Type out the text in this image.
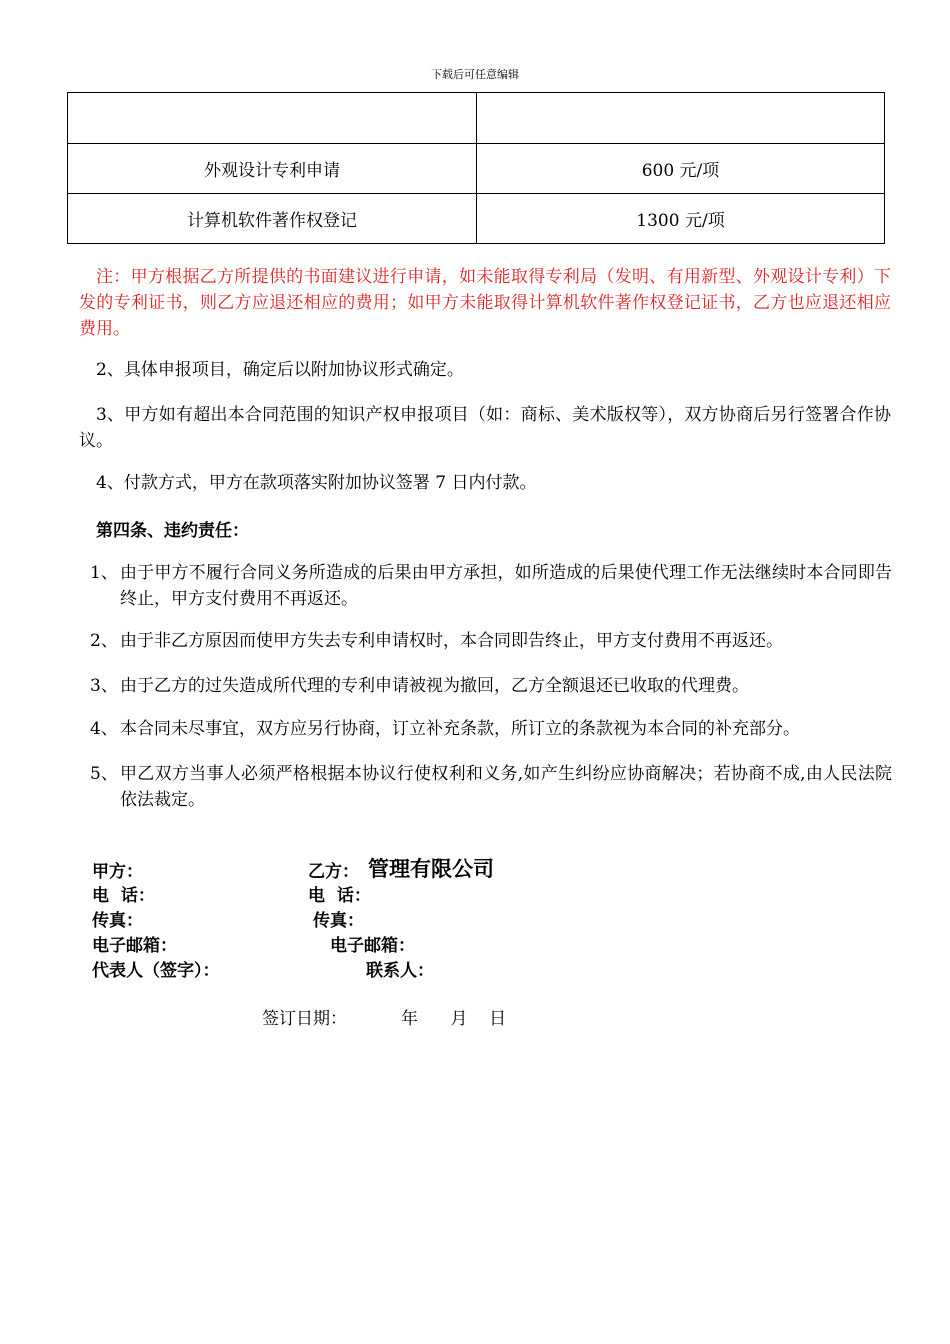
下载后可任意编辑

外观设计专利申请	600 元/项
计算机软件著作权登记	1300 元/项
注：甲方根据乙方所提供的书面建议进行申请，如未能取得专利局（发明、有用新型、外观设计专利）下发的专利证书，则乙方应退还相应的费用；如甲方未能取得计算机软件著作权登记证书，乙方也应退还相应费用。
2、具体申报项目，确定后以附加协议形式确定。
3、甲方如有超出本合同范围的知识产权申报项目（如：商标、美术版权等），双方协商后另行签署合作协议。
4、付款方式，甲方在款项落实附加协议签署 7 日内付款。
第四条、违约责任：
1、 由于甲方不履行合同义务所造成的后果由甲方承担，如所造成的后果使代理工作无法继续时本合同即告终止，甲方支付费用不再返还。
2、 由于非乙方原因而使甲方失去专利申请权时，本合同即告终止，甲方支付费用不再返还。
3、 由于乙方的过失造成所代理的专利申请被视为撤回，乙方全额退还已收取的代理费。
4、 本合同未尽事宜，双方应另行协商，订立补充条款，所订立的条款视为本合同的补充部分。
5、 甲乙双方当事人必须严格根据本协议行使权利和义务,如产生纠纷应协商解决；若协商不成,由人民法院依法裁定。
甲方：	乙方： 管理有限公司
电  话：	电  话：
传真：	传真：
电子邮箱：	电子邮箱：
代表人（签字）：	联系人：
签订日期：          年      月    日
